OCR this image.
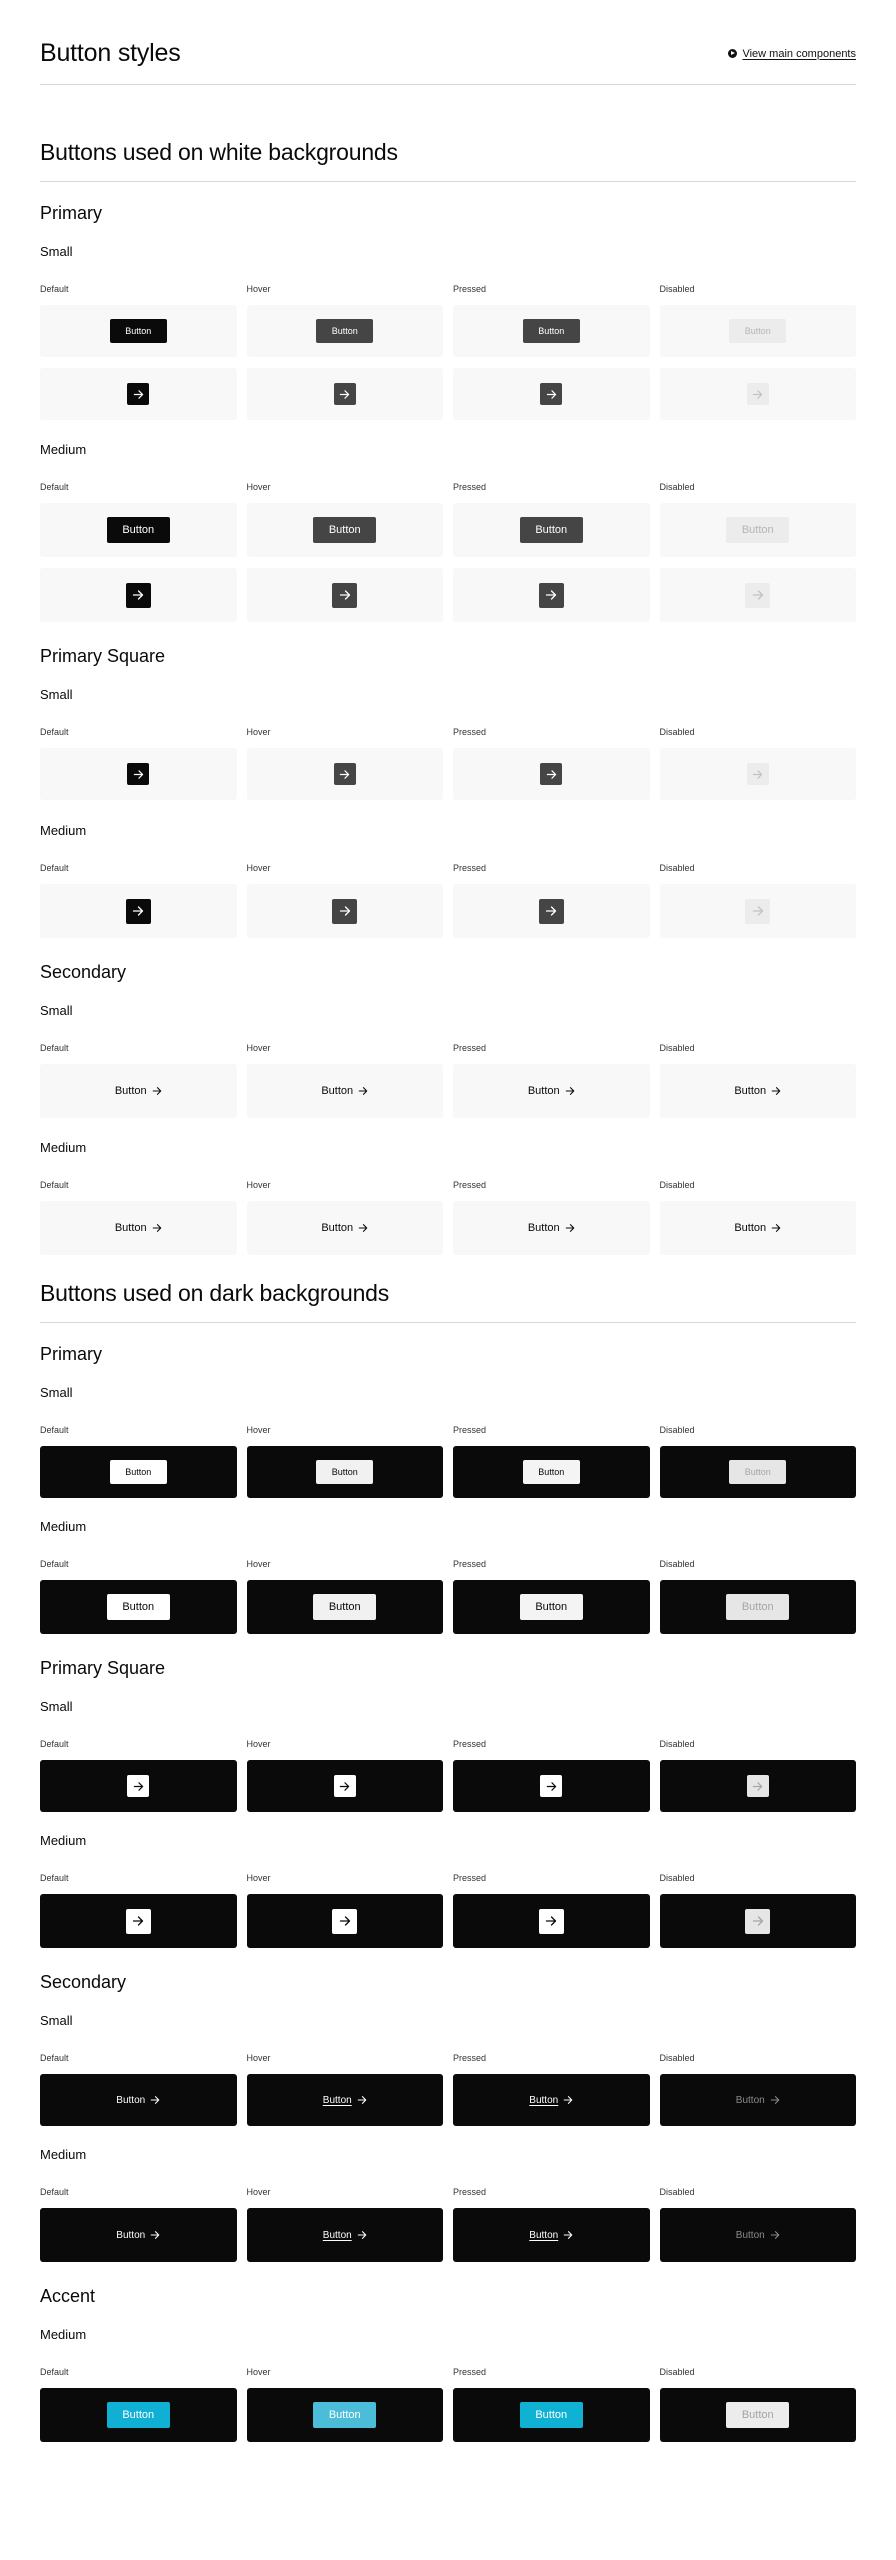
Button styles	View main components
Buttons used on white backgrounds
Primary
Small
Default	Hover	Pressed	Disabled
Button	Button	Button	Button
Medium
Default	Hover	Pressed	Disabled
Button	Button	Button	Button
Primary Square
Small
Default	Hover	Pressed	Disabled
Medium
Default	Hover	Pressed	Disabled
Secondary
Small
Default	Hover	Pressed	Disabled
Button	Button	Button	Button
Medium
Default	Hover	Pressed	Disabled
Button	Button	Button	Button
Buttons used on dark backgrounds
Primary
Small
Default	Hover	Pressed	Disabled
Button	Button	Button	Button
Medium
Default	Hover	Pressed	Disabled
Button	Button	Button	Button
Primary Square
Small
Default	Hover	Pressed	Disabled
Medium
Default	Hover	Pressed	Disabled
Secondary
Small
Default	Hover	Pressed	Disabled
Button	Button	Button	Button
Medium
Default	Hover	Pressed	Disabled
Button	Button	Button	Button
Accent
Medium
Default	Hover	Pressed	Disabled
Button	Button	Button	Button
